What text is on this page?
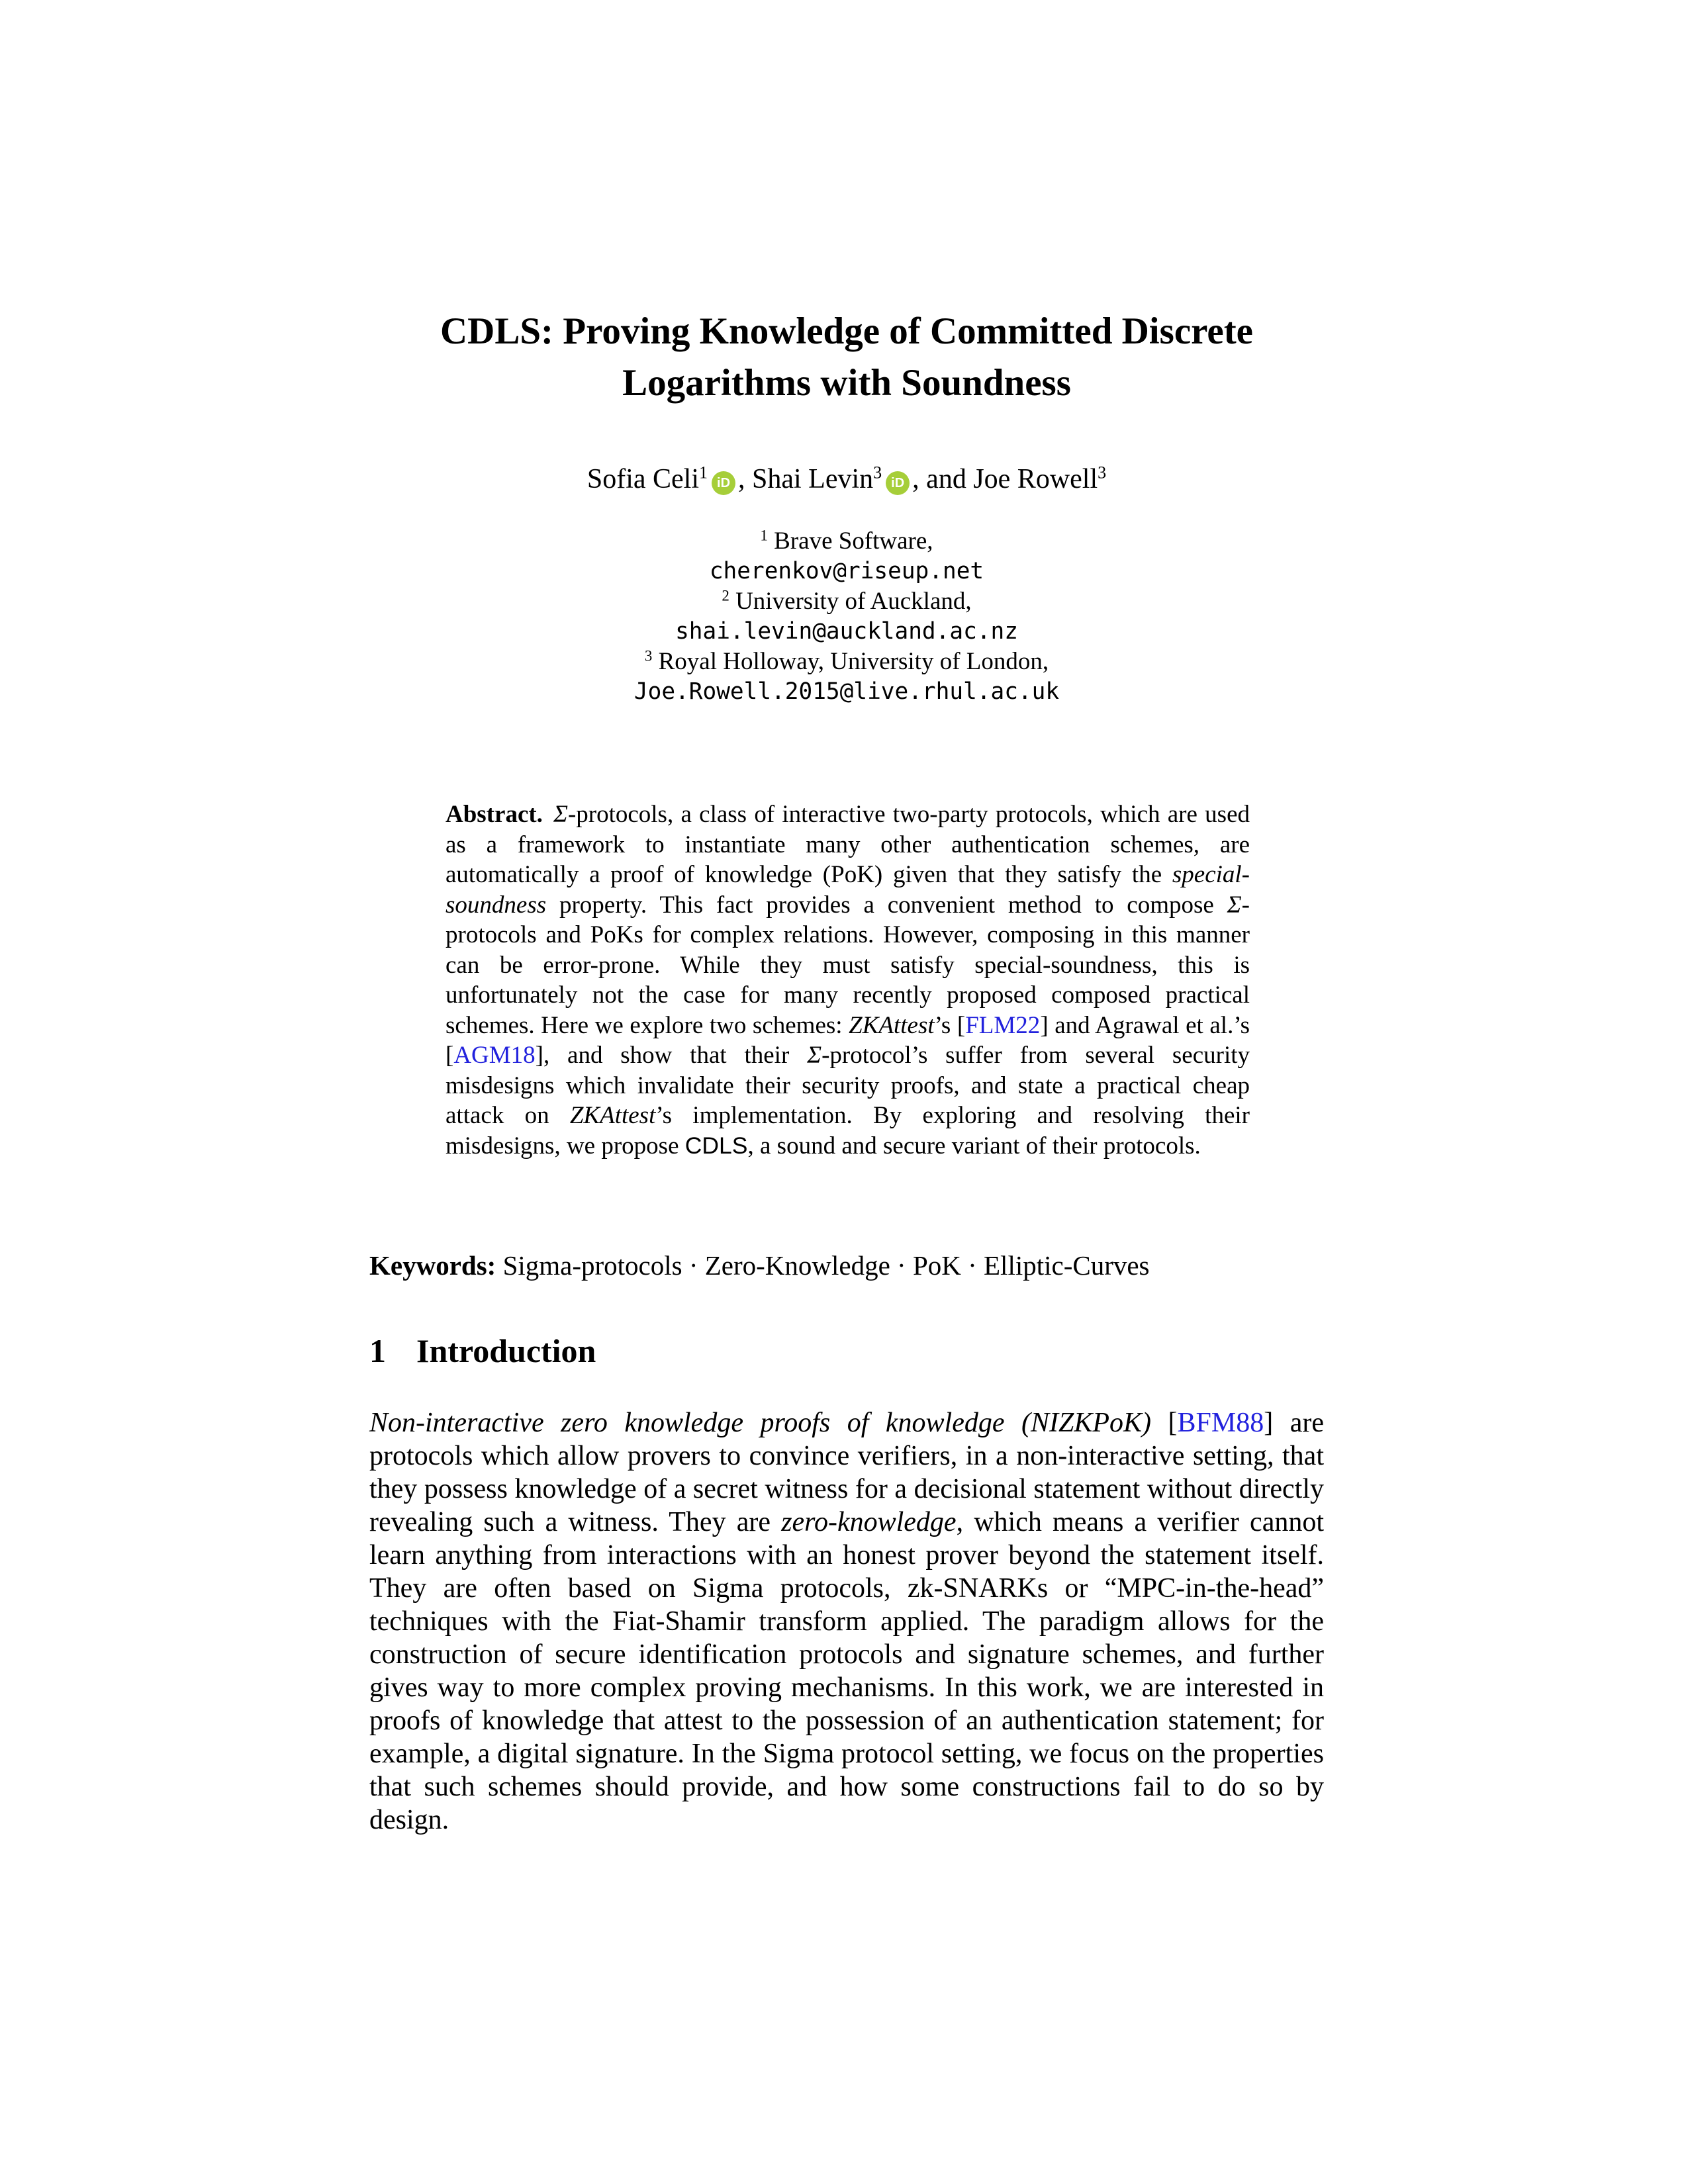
CDLS: Proving Knowledge of Committed Discrete Logarithms with Soundness
Sofia Celi$^1$iD , Shai Levin$^3$iD , and Joe Rowell$^3$
$^1$ Brave Software,
cherenkov@riseup.net
$^2$ University of Auckland,
shai.levin@auckland.ac.nz
$^3$ Royal Holloway, University of London,
Joe.Rowell.2015@live.rhul.ac.uk
Abstract. Σ-protocols, a class of interactive two-party protocols, which are used as a framework to instantiate many other authentication schemes, are automatically a proof of knowledge (PoK) given that they satisfy the special-soundness property. This fact provides a convenient method to compose Σ-protocols and PoKs for complex relations. However, composing in this manner can be error-prone. While they must satisfy special-soundness, this is unfortunately not the case for many recently proposed composed practical schemes. Here we explore two schemes: ZKAttest’s [FLM22] and Agrawal et al.’s [AGM18], and show that their Σ-protocol’s suffer from several security misdesigns which invalidate their security proofs, and state a practical cheap attack on ZKAttest’s implementation. By exploring and resolving their misdesigns, we propose CDLS, a sound and secure variant of their protocols.
Keywords: Sigma-protocols · Zero-Knowledge · PoK · Elliptic-Curves
1 Introduction
Non-interactive zero knowledge proofs of knowledge (NIZKPoK) [BFM88] are protocols which allow provers to convince verifiers, in a non-interactive setting, that they possess knowledge of a secret witness for a decisional statement without directly revealing such a witness. They are zero-knowledge, which means a verifier cannot learn anything from interactions with an honest prover beyond the statement itself. They are often based on Sigma protocols, zk-SNARKs or “MPC-in-the-head” techniques with the Fiat-Shamir transform applied. The paradigm allows for the construction of secure identification protocols and signature schemes, and further gives way to more complex proving mechanisms. In this work, we are interested in proofs of knowledge that attest to the possession of an authentication statement; for example, a digital signature. In the Sigma protocol setting, we focus on the properties that such schemes should provide, and how some constructions fail to do so by design.
